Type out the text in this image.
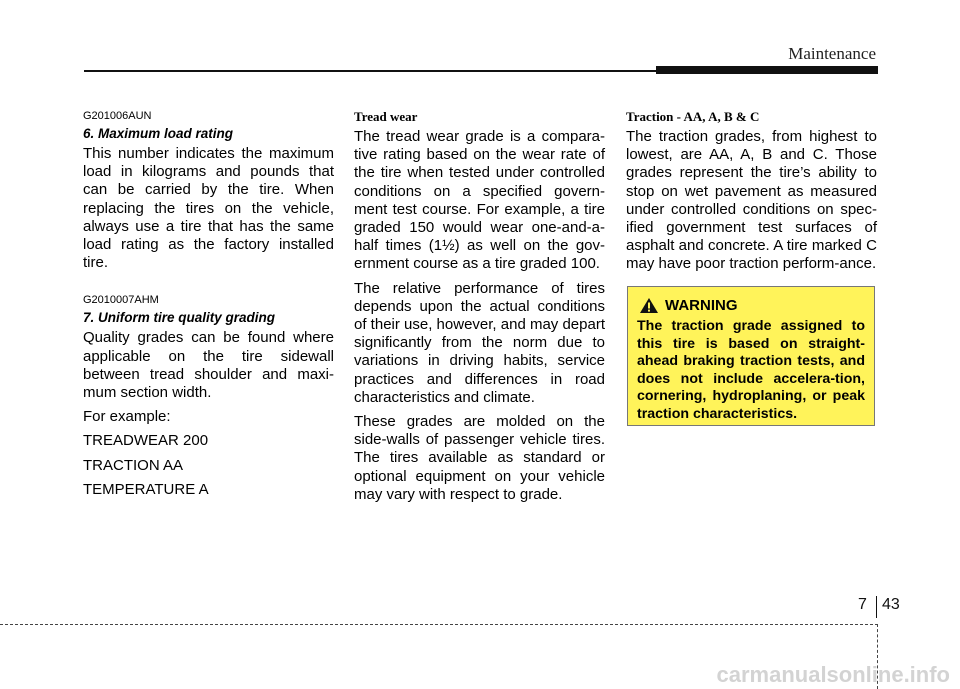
Maintenance
G201006AUN
6. Maximum load rating

This number indicates the maximum load in kilograms and pounds that can be carried by the tire. When replacing the tires on the vehicle, always use a tire that has the same load rating as the factory installed tire.

G2010007AHM
7. Uniform tire quality grading

Quality grades can be found where applicable on the tire sidewall between tread shoulder and maxi-mum section width.

For example:

TREADWEAR 200

TRACTION AA

TEMPERATURE A

Tread wear

The tread wear grade is a compara-tive rating based on the wear rate of the tire when tested under controlled conditions on a specified govern-ment test course. For example, a tire graded 150 would wear one-and-a-half times (1½) as well on the gov-ernment course as a tire graded 100.

The relative performance of tires depends upon the actual conditions of their use, however, and may depart significantly from the norm due to variations in driving habits, service practices and differences in road characteristics and climate.

These grades are molded on the side-walls of passenger vehicle tires. The tires available as standard or optional equipment on your vehicle may vary with respect to grade.

Traction - AA, A, B & C

The traction grades, from highest to lowest, are AA, A, B and C. Those grades represent the tire’s ability to stop on wet pavement as measured under controlled conditions on spec-ified government test surfaces of asphalt and concrete. A tire marked C may have poor traction perform-ance.

WARNING

The traction grade assigned to this tire is based on straight-ahead braking traction tests, and does not include accelera-tion, cornering, hydroplaning, or peak traction characteristics.

7 43
carmanualsonline.info
